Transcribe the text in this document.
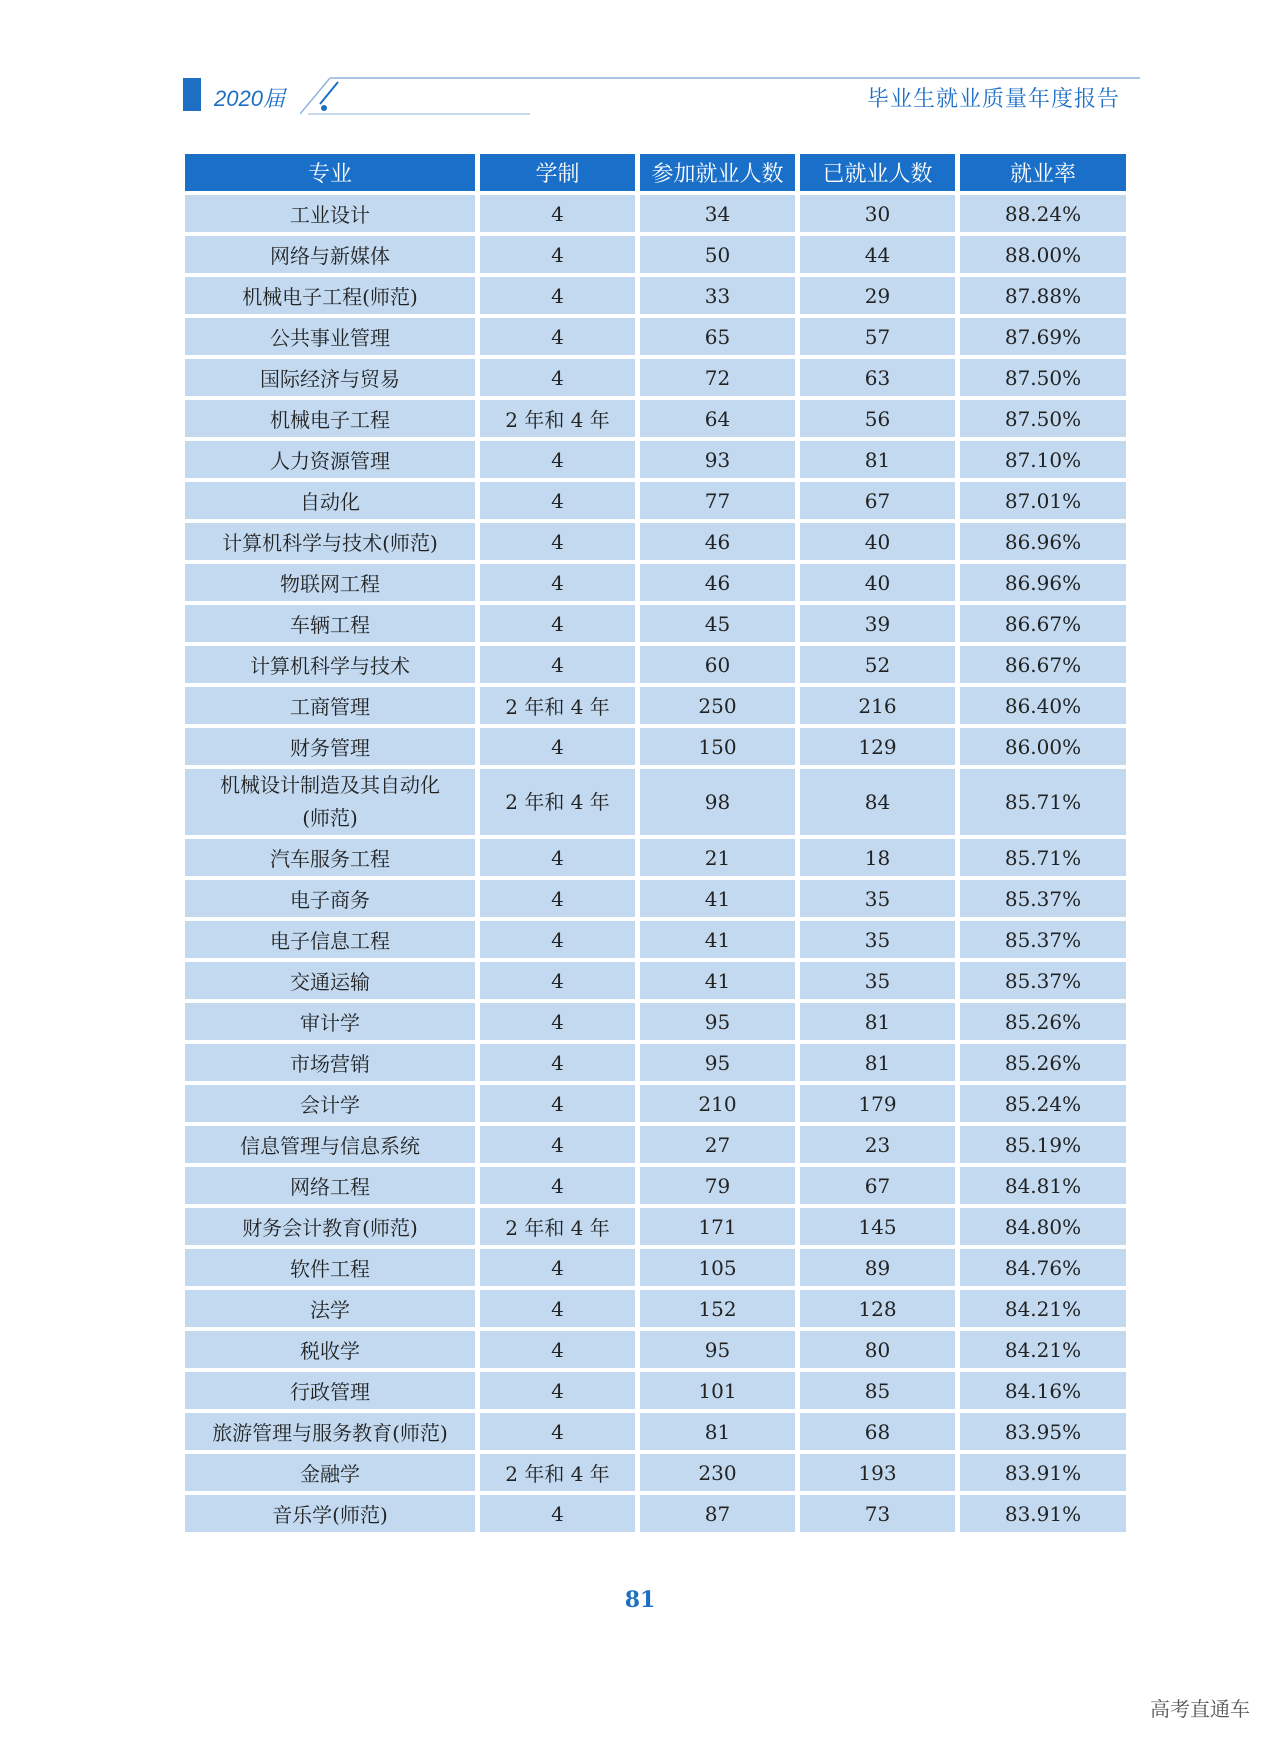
2020届	毕业生就业质量年度报告
专业	学制	参加就业人数	已就业人数	就业率
工业设计	4	34	30	88.24%
网络与新媒体	4	50	44	88.00%
机械电子工程(师范)	4	33	29	87.88%
公共事业管理	4	65	57	87.69%
国际经济与贸易	4	72	63	87.50%
机械电子工程	2 年和 4 年	64	56	87.50%
人力资源管理	4	93	81	87.10%
自动化	4	77	67	87.01%
计算机科学与技术(师范)	4	46	40	86.96%
物联网工程	4	46	40	86.96%
车辆工程	4	45	39	86.67%
计算机科学与技术	4	60	52	86.67%
工商管理	2 年和 4 年	250	216	86.40%
财务管理	4	150	129	86.00%
机械设计制造及其自动化
(师范)	2 年和 4 年	98	84	85.71%
汽车服务工程	4	21	18	85.71%
电子商务	4	41	35	85.37%
电子信息工程	4	41	35	85.37%
交通运输	4	41	35	85.37%
审计学	4	95	81	85.26%
市场营销	4	95	81	85.26%
会计学	4	210	179	85.24%
信息管理与信息系统	4	27	23	85.19%
网络工程	4	79	67	84.81%
财务会计教育(师范)	2 年和 4 年	171	145	84.80%
软件工程	4	105	89	84.76%
法学	4	152	128	84.21%
税收学	4	95	80	84.21%
行政管理	4	101	85	84.16%
旅游管理与服务教育(师范)	4	81	68	83.95%
金融学	2 年和 4 年	230	193	83.91%
音乐学(师范)	4	87	73	83.91%
81
高考直通车
